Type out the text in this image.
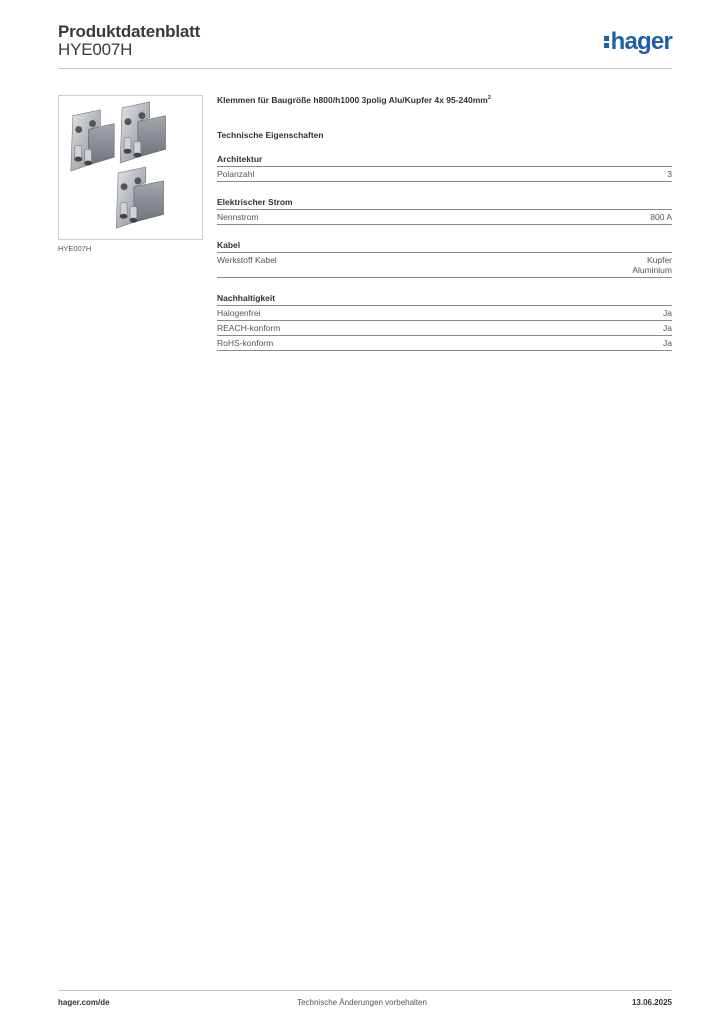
Produktdatenblatt
HYE007H	hager
HYE007H
Klemmen für Baugröße h800/h1000 3polig Alu/Kupfer 4x $95-240mm^2$
Technische Eigenschaften
Architektur
Polanzahl	3
Elektrischer Strom
Nennstrom	800 A
Kabel
Werkstoff Kabel	Kupfer
Aluminium
Nachhaltigkeit
Halogenfrei	Ja
REACH-konform	Ja
RoHS-konform	Ja
hager.com/de	Technische Änderungen vorbehalten	13.06.2025
